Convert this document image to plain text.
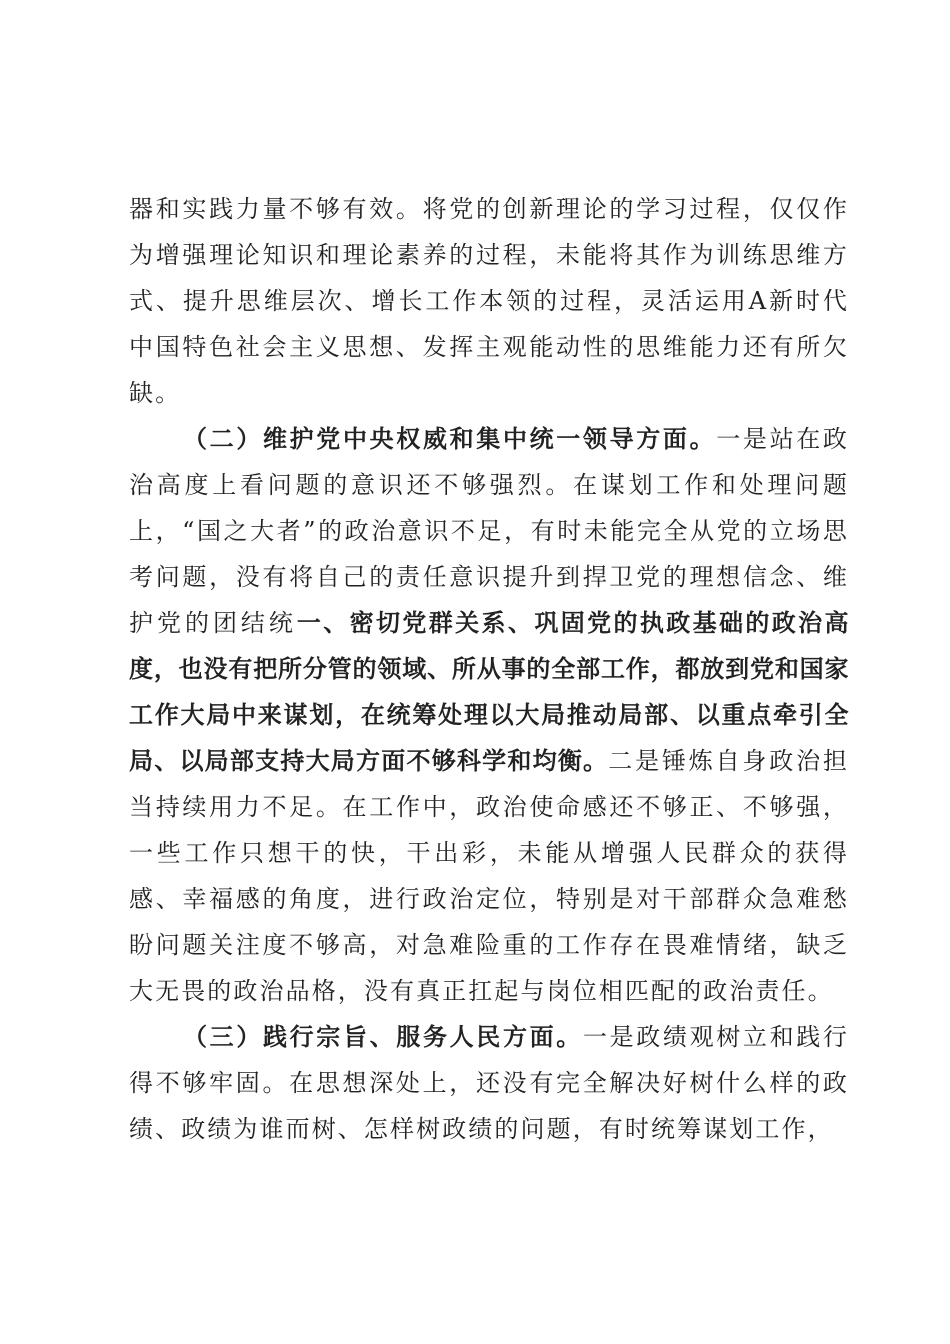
器和实践力量不够有效。将党的创新理论的学习过程，仅仅作为增强理论知识和理论素养的过程，未能将其作为训练思维方式、提升思维层次、增长工作本领的过程，灵活运用A新时代中国特色社会主义思想、发挥主观能动性的思维能力还有所欠缺。

（二）维护党中央权威和集中统一领导方面。一是站在政治高度上看问题的意识还不够强烈。在谋划工作和处理问题上，“国之大者”的政治意识不足，有时未能完全从党的立场思考问题，没有将自己的责任意识提升到捍卫党的理想信念、维护党的团结统一、密切党群关系、巩固党的执政基础的政治高度，也没有把所分管的领域、所从事的全部工作，都放到党和国家工作大局中来谋划，在统筹处理以大局推动局部、以重点牵引全局、以局部支持大局方面不够科学和均衡。二是锤炼自身政治担当持续用力不足。在工作中，政治使命感还不够正、不够强，一些工作只想干的快，干出彩，未能从增强人民群众的获得感、幸福感的角度，进行政治定位，特别是对干部群众急难愁盼问题关注度不够高，对急难险重的工作存在畏难情绪，缺乏大无畏的政治品格，没有真正扛起与岗位相匹配的政治责任。

（三）践行宗旨、服务人民方面。一是政绩观树立和践行得不够牢固。在思想深处上，还没有完全解决好树什么样的政绩、政绩为谁而树、怎样树政绩的问题，有时统筹谋划工作，
